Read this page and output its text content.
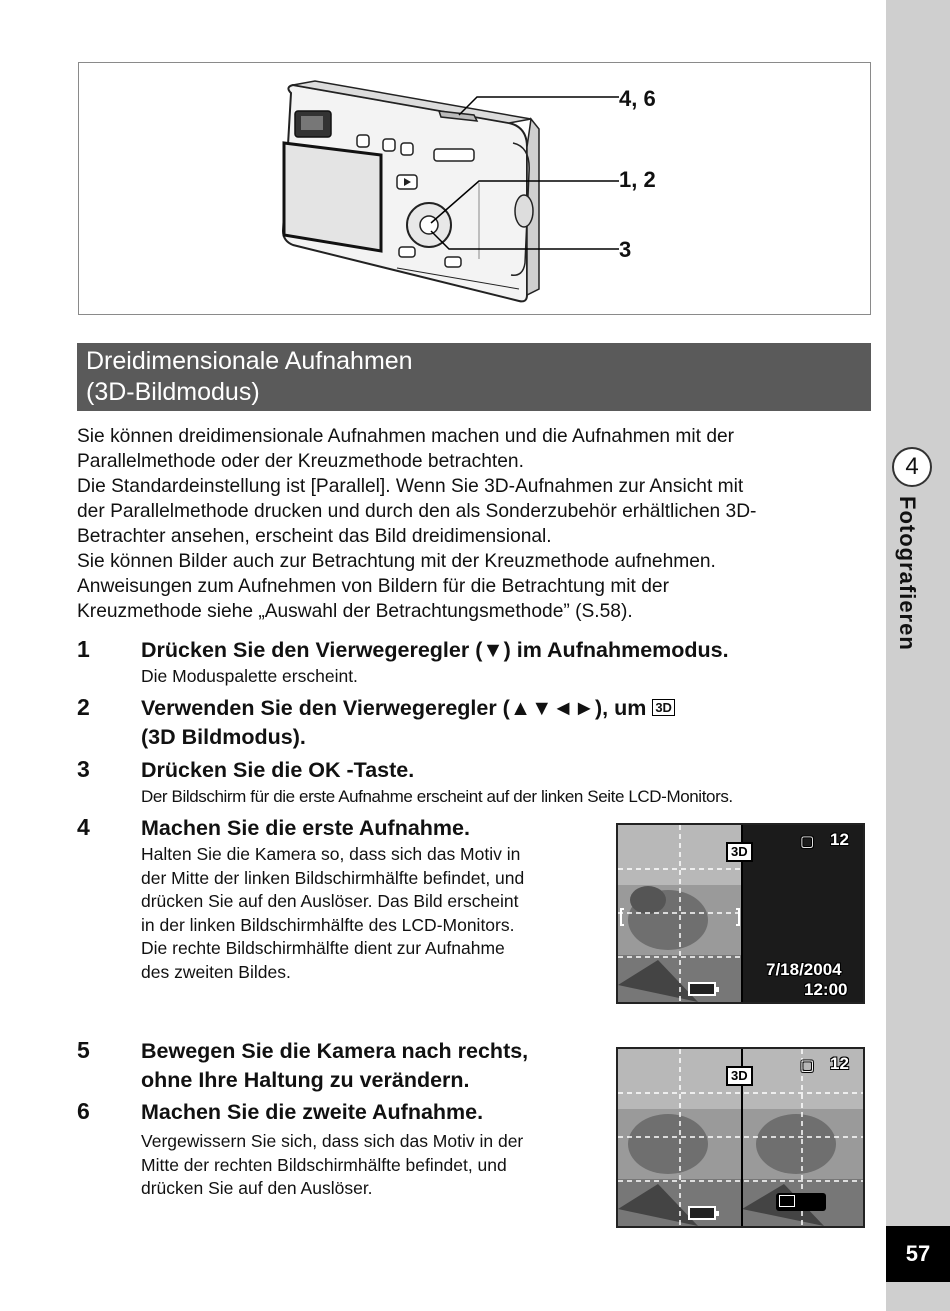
4
Fotografieren
57
4, 6
1, 2
3
Dreidimensionale Aufnahmen
(3D-Bildmodus)

Sie können dreidimensionale Aufnahmen machen und die Aufnahmen mit der

Parallelmethode oder der Kreuzmethode betrachten.

Die Standardeinstellung ist [Parallel]. Wenn Sie 3D-Aufnahmen zur Ansicht mit

der Parallelmethode drucken und durch den als Sonderzubehör erhältlichen 3D-

Betrachter ansehen, erscheint das Bild dreidimensional.

Sie können Bilder auch zur Betrachtung mit der Kreuzmethode aufnehmen.

Anweisungen zum Aufnehmen von Bildern für die Betrachtung mit der

Kreuzmethode siehe „Auswahl der Betrachtungsmethode” (S.58).

1 Drücken Sie den Vierwegeregler (▼) im Aufnahmemodus.
Die Moduspalette erscheint.
2 Verwenden Sie den Vierwegeregler (▲▼◄►), um 3D
(3D Bildmodus).
3 Drücken Sie die OK -Taste.
Der Bildschirm für die erste Aufnahme erscheint auf der linken Seite LCD-Monitors.
4 Machen Sie die erste Aufnahme.
Halten Sie die Kamera so, dass sich das Motiv in
der Mitte der linken Bildschirmhälfte befindet, und
drücken Sie auf den Auslöser. Das Bild erscheint
in der linken Bildschirmhälfte des LCD-Monitors.
Die rechte Bildschirmhälfte dient zur Aufnahme
des zweiten Bildes.
5 Bewegen Sie die Kamera nach rechts,
ohne Ihre Haltung zu verändern.
6 Machen Sie die zweite Aufnahme.
Vergewissern Sie sich, dass sich das Motiv in der
Mitte der rechten Bildschirmhälfte befindet, und
drücken Sie auf den Auslöser.
3D
▢ 12
7/18/2004
12:00
3D
▢ 12
